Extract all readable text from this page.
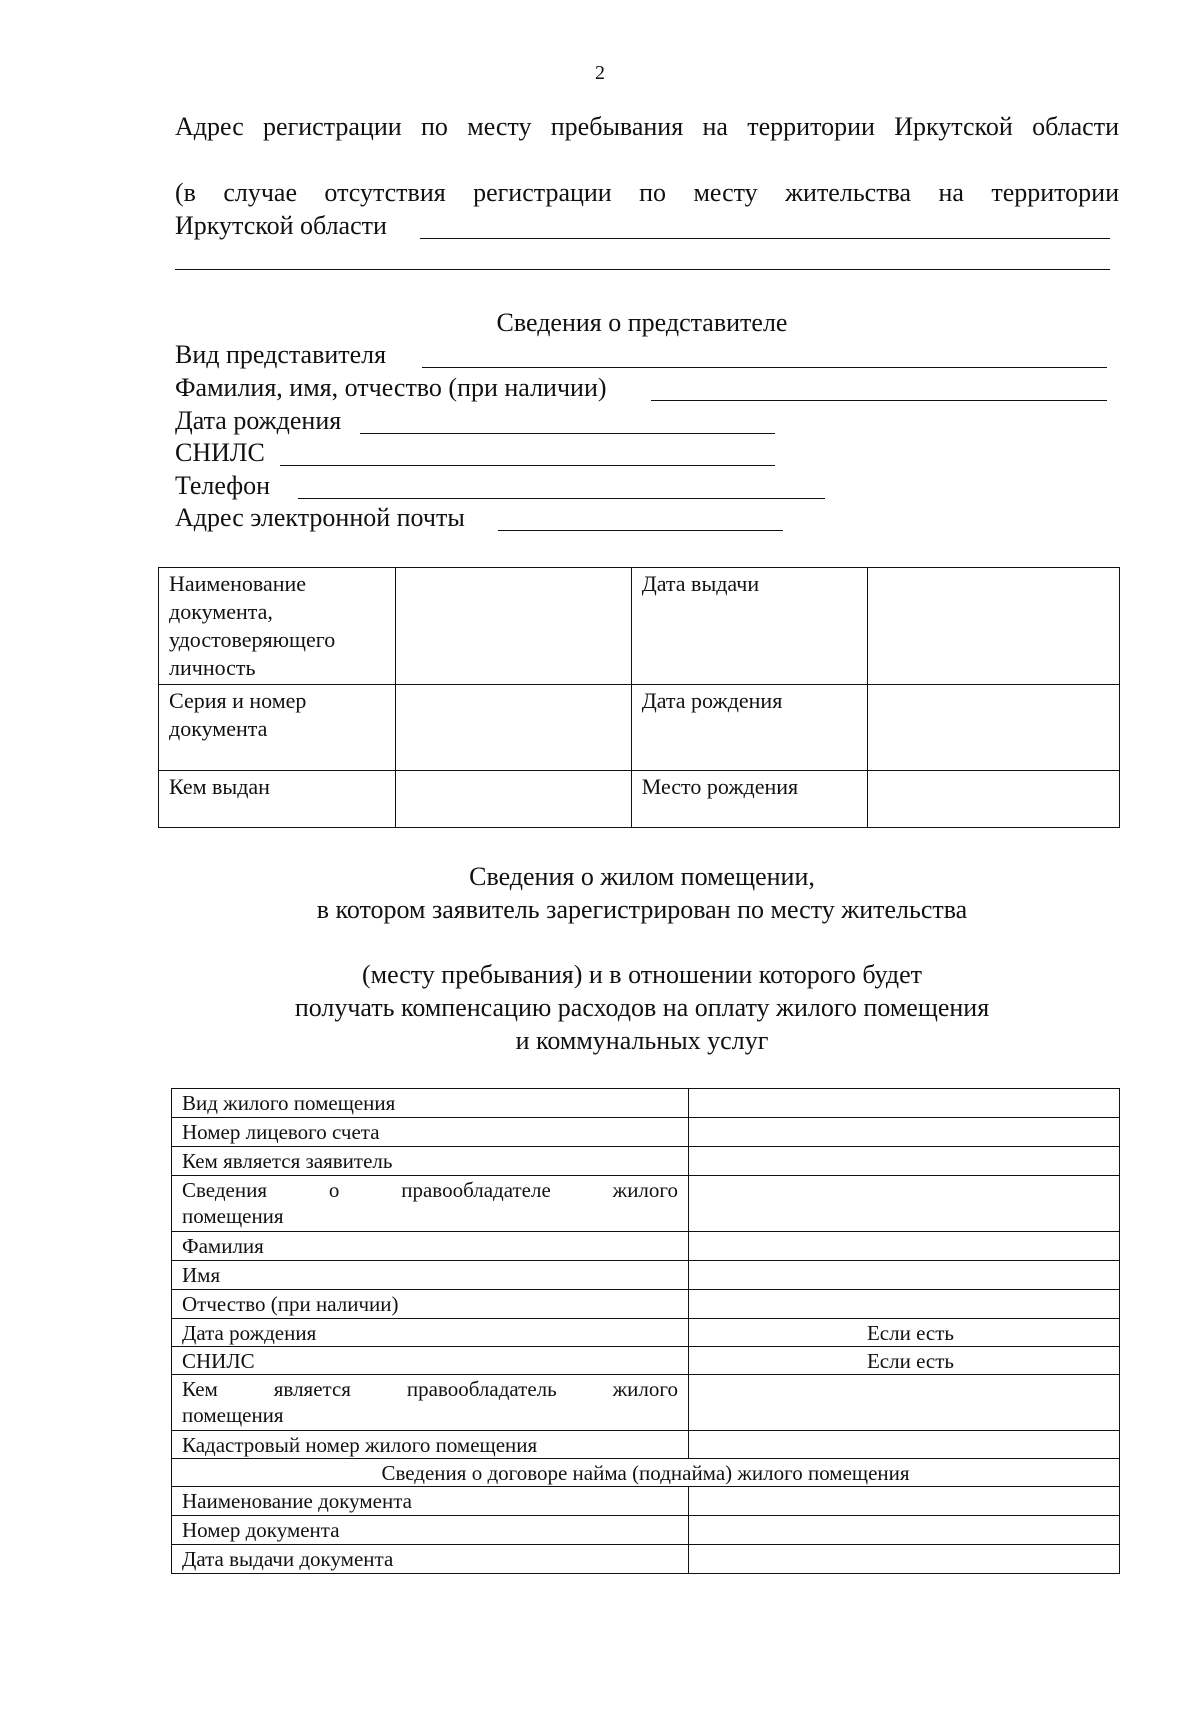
2
Адрес регистрации по месту пребывания на территории Иркутской области
(в случае отсутствия регистрации по месту жительства на территории
Иркутской области
Сведения о представителе
Вид представителя
Фамилия, имя, отчество (при наличии)
Дата рождения
СНИЛС
Телефон
Адрес электронной почты
Наименование документа, удостоверяющего личность		Дата выдачи	
Серия и номер документа		Дата рождения	
Кем выдан		Место рождения	
Сведения о жилом помещении,
в котором заявитель зарегистрирован по месту жительства
(месту пребывания) и в отношении которого будет
получать компенсацию расходов на оплату жилого помещения
и коммунальных услуг
Вид жилого помещения	
Номер лицевого счета	
Кем является заявитель	

Сведения о правообладателе жилого
помещения	
Фамилия	
Имя	
Отчество (при наличии)	
Дата рождения	Если есть
СНИЛС	Если есть

Кем является правообладатель жилого
помещения	
Кадастровый номер жилого помещения	
Сведения о договоре найма (поднайма) жилого помещения	
Наименование документа	
Номер документа	
Дата выдачи документа	
